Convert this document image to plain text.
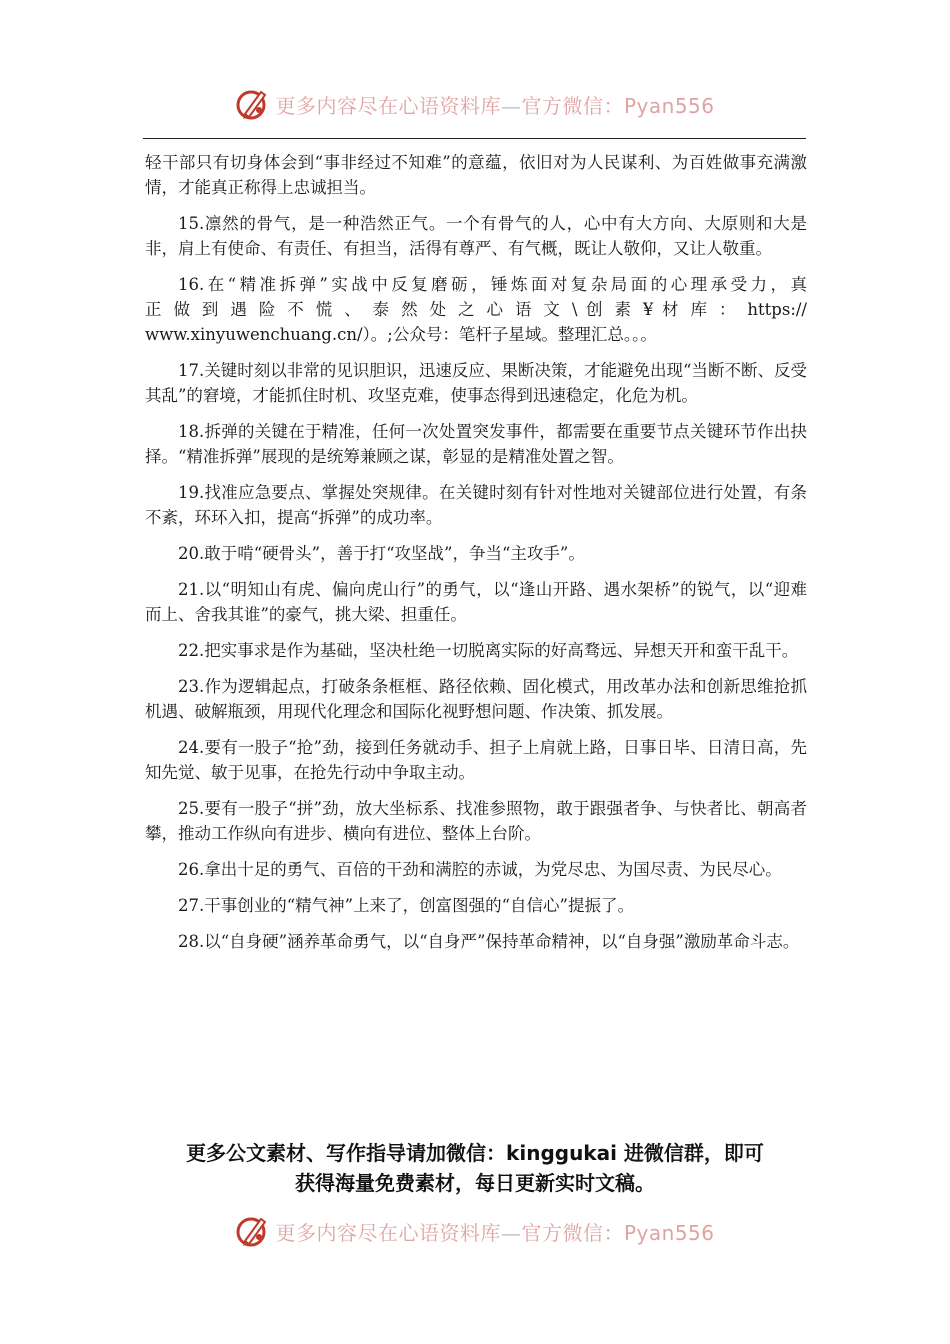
更多内容尽在心语资料库—官方微信：Pyan556

轻干部只有切身体会到“事非经过不知难”的意蕴，依旧对为人民谋利、为百姓做事充满激情，才能真正称得上忠诚担当。

15.凛然的骨气，是一种浩然正气。一个有骨气的人，心中有大方向、大原则和大是非，肩上有使命、有责任、有担当，活得有尊严、有气概，既让人敬仰，又让人敬重。

16.在“精准拆弹”实战中反复磨砺，锤炼面对复杂局面的心理承受力，真
正 做 到 遇 险 不 慌 、 泰 然 处 之 心 语 文 \ 创 素 ¥ 材 库 ： https://
www.xinyuwenchuang.cn/）。;公众号：笔杆子星域。整理汇总。。。

17.关键时刻以非常的见识胆识，迅速反应、果断决策，才能避免出现“当断不断、反受其乱”的窘境，才能抓住时机、攻坚克难，使事态得到迅速稳定，化危为机。

18.拆弹的关键在于精准，任何一次处置突发事件，都需要在重要节点关键环节作出抉择。“精准拆弹”展现的是统筹兼顾之谋，彰显的是精准处置之智。

19.找准应急要点、掌握处突规律。在关键时刻有针对性地对关键部位进行处置，有条不紊，环环入扣，提高“拆弹”的成功率。

20.敢于啃“硬骨头”，善于打“攻坚战”，争当“主攻手”。

21.以“明知山有虎、偏向虎山行”的勇气，以“逢山开路、遇水架桥”的锐气，以“迎难而上、舍我其谁”的豪气，挑大梁、担重任。

22.把实事求是作为基础，坚决杜绝一切脱离实际的好高骛远、异想天开和蛮干乱干。

23.作为逻辑起点，打破条条框框、路径依赖、固化模式，用改革办法和创新思维抢抓机遇、破解瓶颈，用现代化理念和国际化视野想问题、作决策、抓发展。

24.要有一股子“抢”劲，接到任务就动手、担子上肩就上路，日事日毕、日清日高，先知先觉、敏于见事，在抢先行动中争取主动。

25.要有一股子“拼”劲，放大坐标系、找准参照物，敢于跟强者争、与快者比、朝高者攀，推动工作纵向有进步、横向有进位、整体上台阶。

26.拿出十足的勇气、百倍的干劲和满腔的赤诚，为党尽忠、为国尽责、为民尽心。

27.干事创业的“精气神”上来了，创富图强的“自信心”提振了。

28.以“自身硬”涵养革命勇气，以“自身严”保持革命精神，以“自身强”激励革命斗志。

更多公文素材、写作指导请加微信：kinggukai 进微信群，即可
获得海量免费素材，每日更新实时文稿。
更多内容尽在心语资料库—官方微信：Pyan556
